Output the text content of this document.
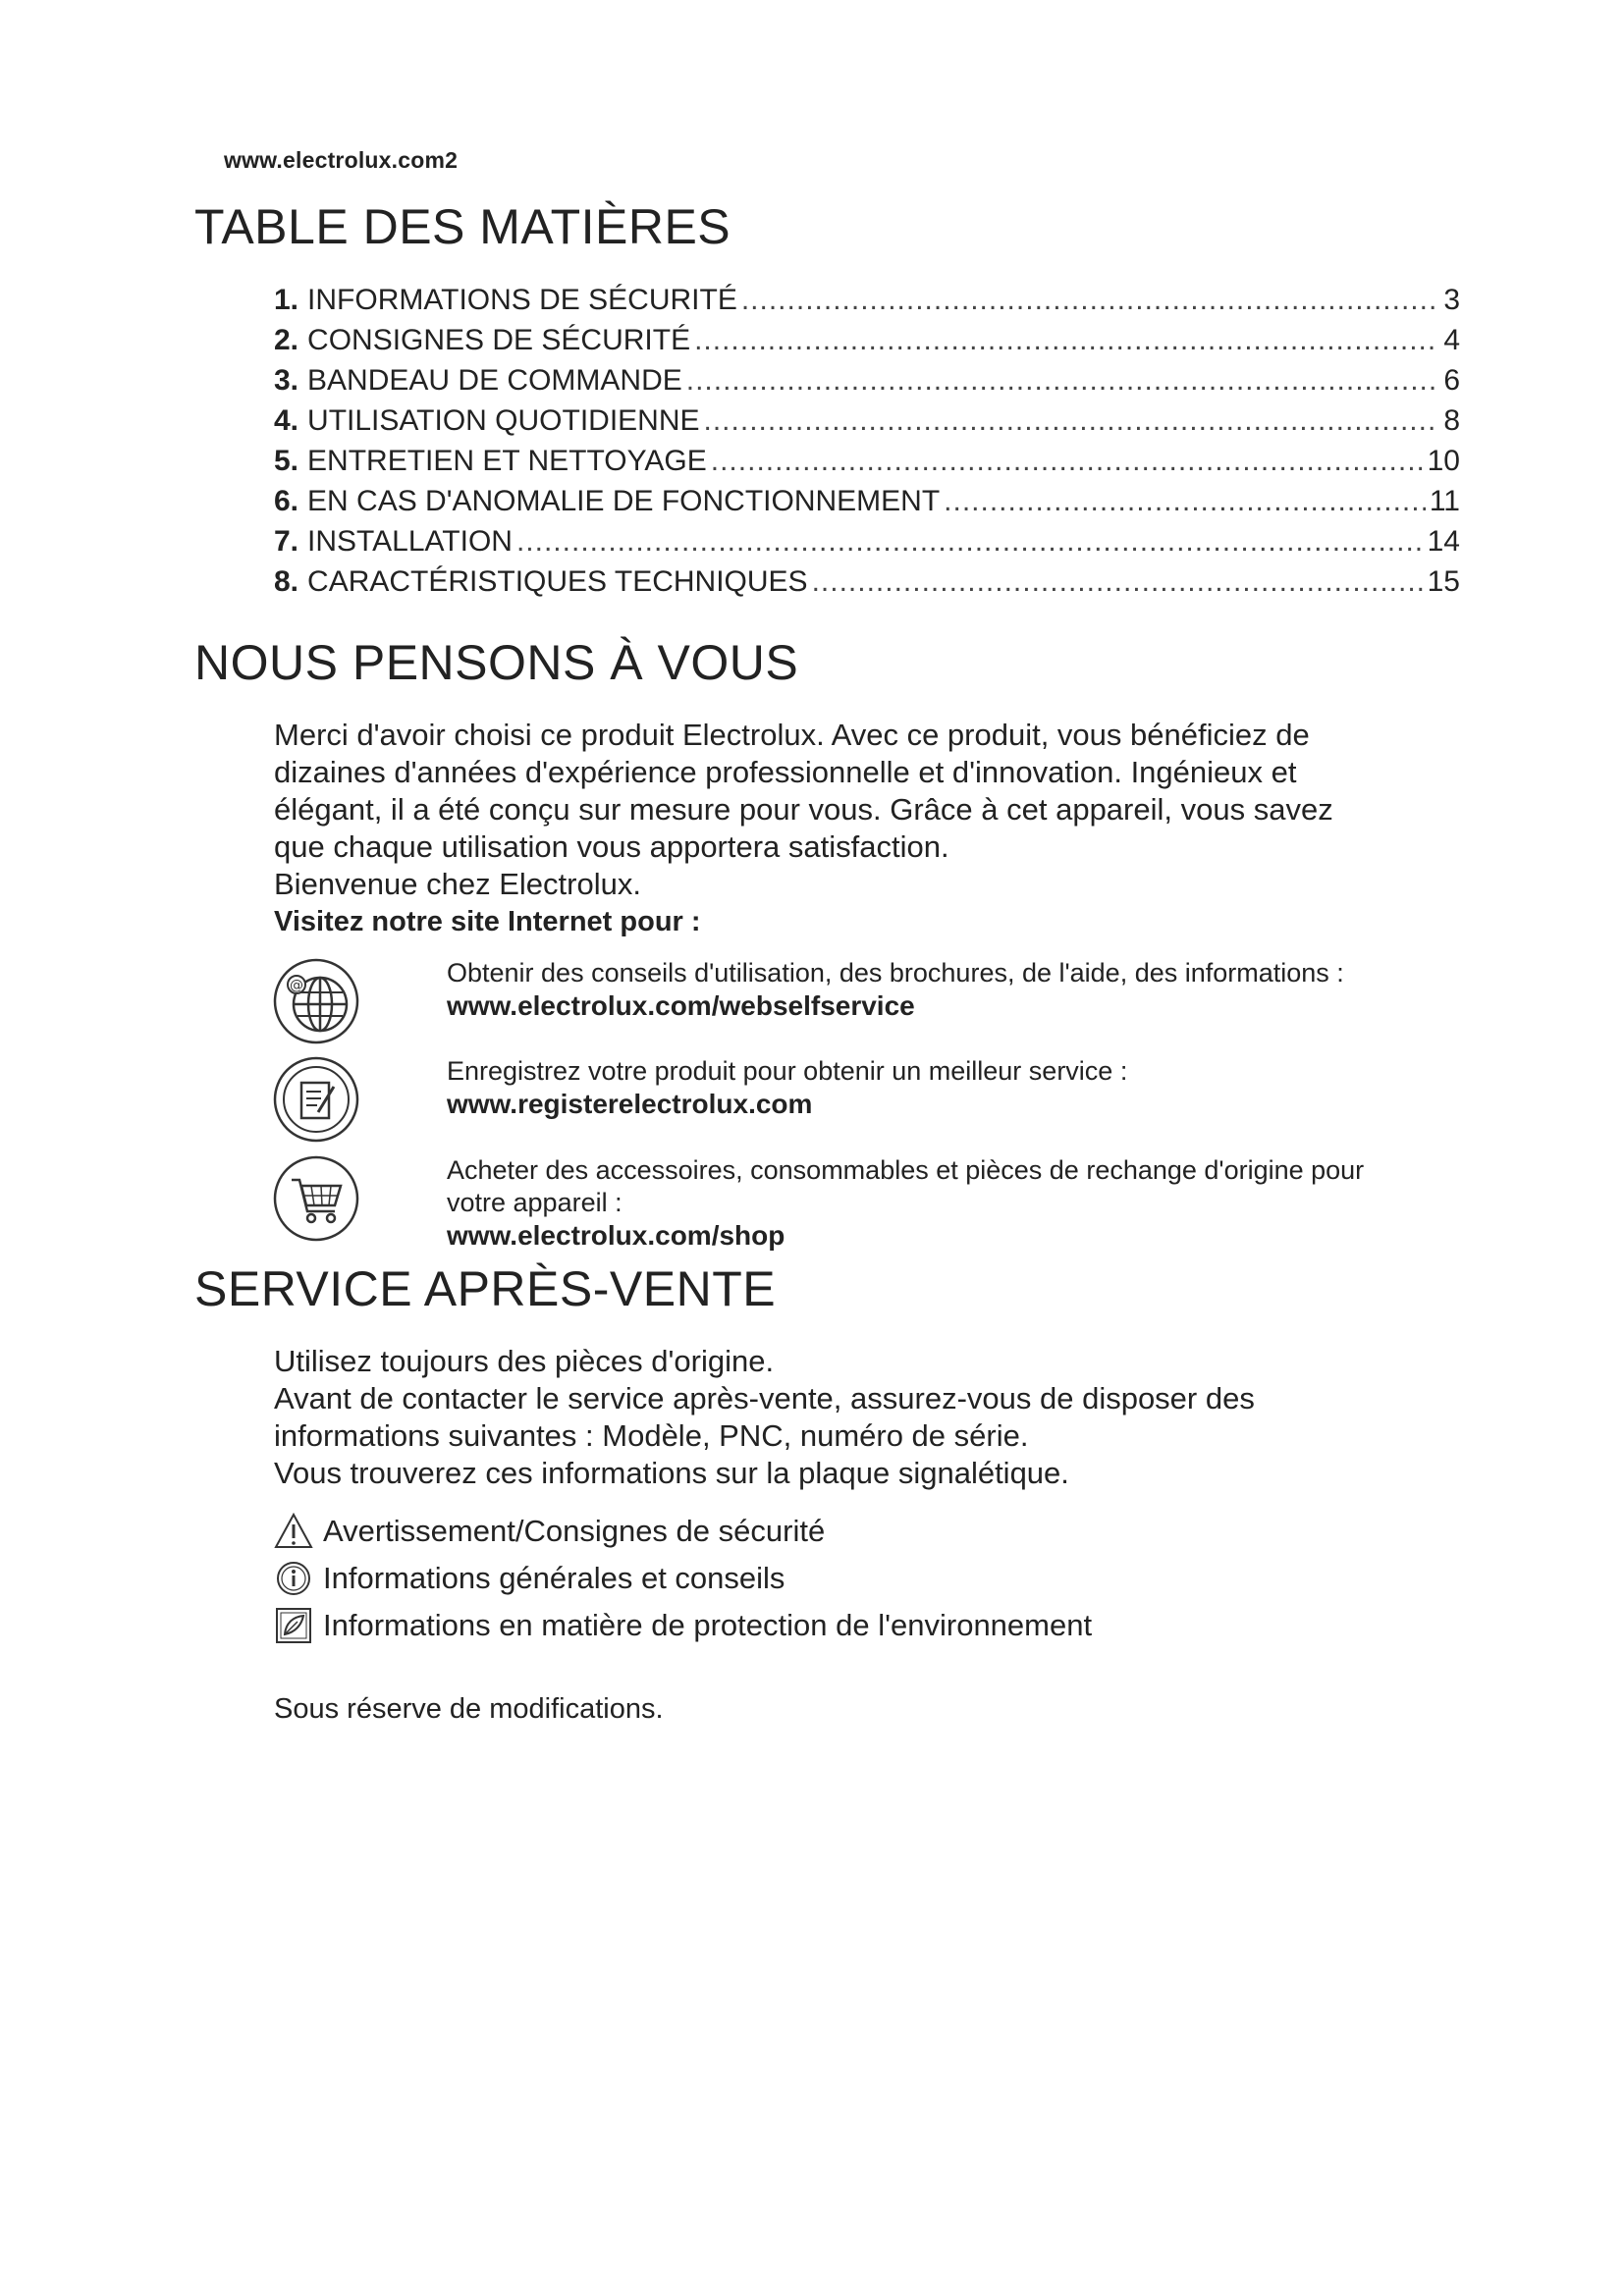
www.electrolux.com2
TABLE DES MATIÈRES
1. INFORMATIONS DE SÉCURITÉ .....	3
2. CONSIGNES DE SÉCURITÉ .....	4
3. BANDEAU DE COMMANDE .....	6
4. UTILISATION QUOTIDIENNE .....	8
5. ENTRETIEN ET NETTOYAGE .....	10
6. EN CAS D'ANOMALIE DE FONCTIONNEMENT .....	11
7. INSTALLATION .....	14
8. CARACTÉRISTIQUES TECHNIQUES .....	15
NOUS PENSONS À VOUS
Merci d'avoir choisi ce produit Electrolux. Avec ce produit, vous bénéficiez de
dizaines d'années d'expérience professionnelle et d'innovation. Ingénieux et
élégant, il a été conçu sur mesure pour vous. Grâce à cet appareil, vous savez
que chaque utilisation vous apportera satisfaction.
Bienvenue chez Electrolux.
Visitez notre site Internet pour :
@	Obtenir des conseils d'utilisation, des brochures, de l'aide, des informations :
www.electrolux.com/webselfservice
Enregistrez votre produit pour obtenir un meilleur service :
www.registerelectrolux.com
Acheter des accessoires, consommables et pièces de rechange d'origine pour
votre appareil :
www.electrolux.com/shop
SERVICE APRÈS-VENTE
Utilisez toujours des pièces d'origine.
Avant de contacter le service après-vente, assurez-vous de disposer des
informations suivantes : Modèle, PNC, numéro de série.
Vous trouverez ces informations sur la plaque signalétique.
Avertissement/Consignes de sécurité
Informations générales et conseils
Informations en matière de protection de l'environnement
Sous réserve de modifications.
